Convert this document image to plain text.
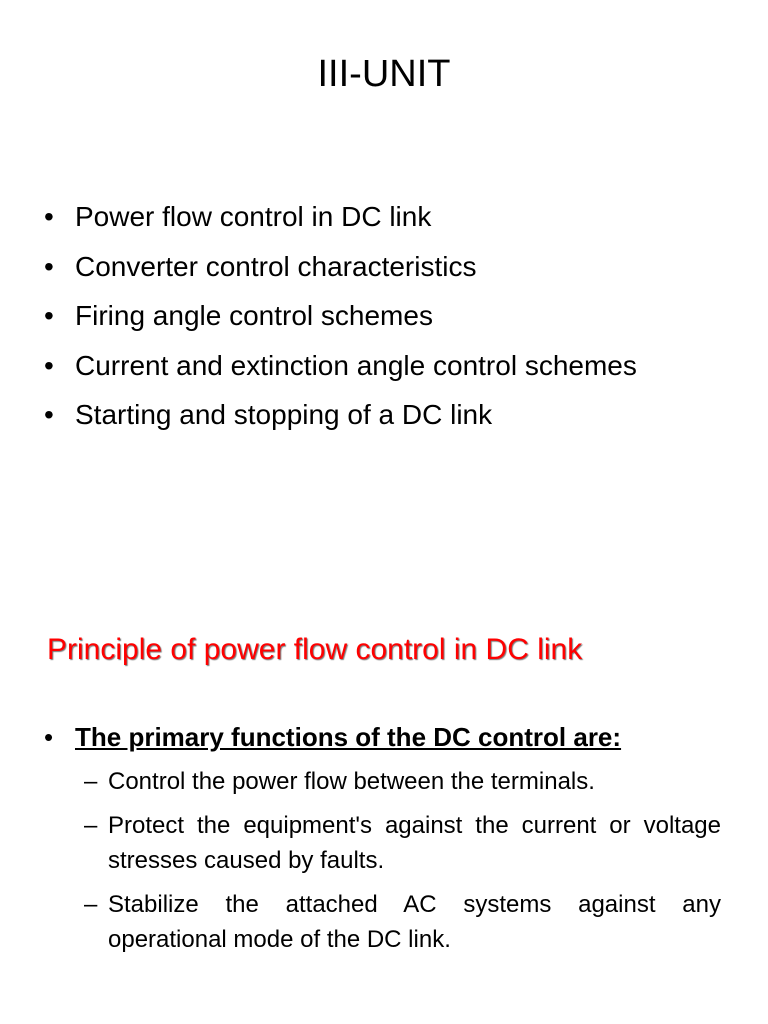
III-UNIT
• Power flow control in DC link
• Converter control characteristics
• Firing angle control schemes
• Current and extinction angle control schemes
• Starting and stopping of a DC link
Principle of power flow control in DC link

• The primary functions of the DC control are:

– Control the power flow between the terminals.
– Protect the equipment's against the current or voltage stresses caused by faults.
– Stabilize the attached AC systems against any operational mode of the DC link.
